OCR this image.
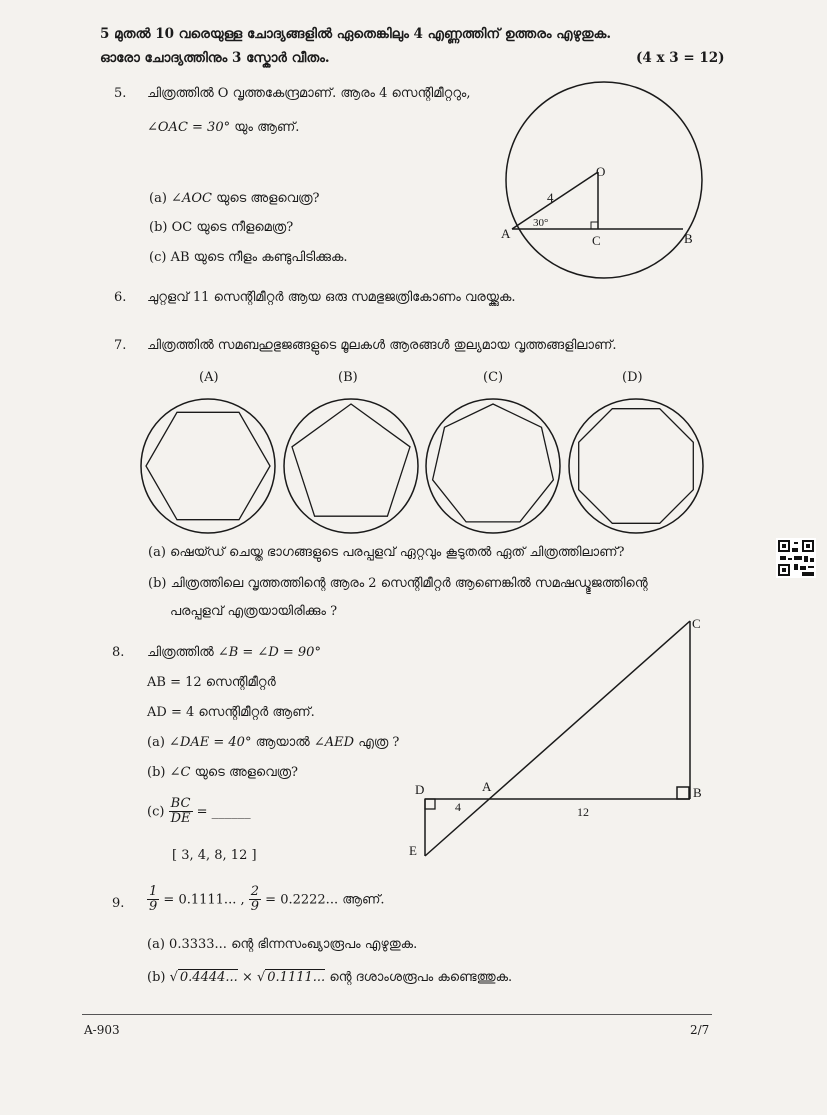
5 മുതൽ 10 വരെയുള്ള ചോദ്യങ്ങളിൽ ഏതെങ്കിലും 4 എണ്ണത്തിന് ഉത്തരം എഴുതുക.
ഓരോ ചോദ്യത്തിനും 3 സ്കോർ വീതം.	(4 x 3 = 12)
5. ചിത്രത്തിൽ O വൃത്തകേന്ദ്രമാണ്. ആരം 4 സെന്റിമീറ്ററും,
∠OAC = 30° യും ആണ്.
(a) ∠AOC യുടെ അളവെത്ര?
(b) OC യുടെ നീളമെത്ര?
(c) AB യുടെ നീളം കണ്ടുപിടിക്കുക.
O
A	B
C
4
30°
6. ചുറ്റളവ് 11 സെന്റിമീറ്റർ ആയ ഒരു സമഭുജത്രികോണം വരയ്ക്കുക.
7. ചിത്രത്തിൽ സമബഹുഭുജങ്ങളുടെ മൂലകൾ ആരങ്ങൾ തുല്യമായ വൃത്തങ്ങളിലാണ്.
(A)	(B)	(C)	(D)
(a) ഷെയ്ഡ് ചെയ്ത ഭാഗങ്ങളുടെ പരപ്പളവ് ഏറ്റവും കൂടുതൽ ഏത് ചിത്രത്തിലാണ്?
(b) ചിത്രത്തിലെ വൃത്തത്തിന്റെ ആരം 2 സെന്റിമീറ്റർ ആണെങ്കിൽ സമഷഡ്ഭുജത്തിന്റെ
പരപ്പളവ് എത്രയായിരിക്കും ?
8. ചിത്രത്തിൽ ∠B = ∠D = 90°
AB = 12 സെന്റിമീറ്റർ
AD = 4 സെന്റിമീറ്റർ ആണ്.
(a) ∠DAE = 40° ആയാൽ ∠AED എത്ര ?
(b) ∠C യുടെ അളവെത്ര?
$(c) \frac{BC}{DE}$ = ______
[ 3, 4, 8, 12 ]
C
B
D	A
E
4	12
9. $\frac{1}{9} = 0.1111$... , $\frac{2}{9} = 0.2222$... ആണ്.
(a) 0.3333... ന്റെ ഭിന്നസംഖ്യാരൂപം എഴുതുക.
(b) √ 0.4444... × √ 0.1111... ന്റെ ദശാംശരൂപം കണ്ടെത്തുക.
A-903	2/7
